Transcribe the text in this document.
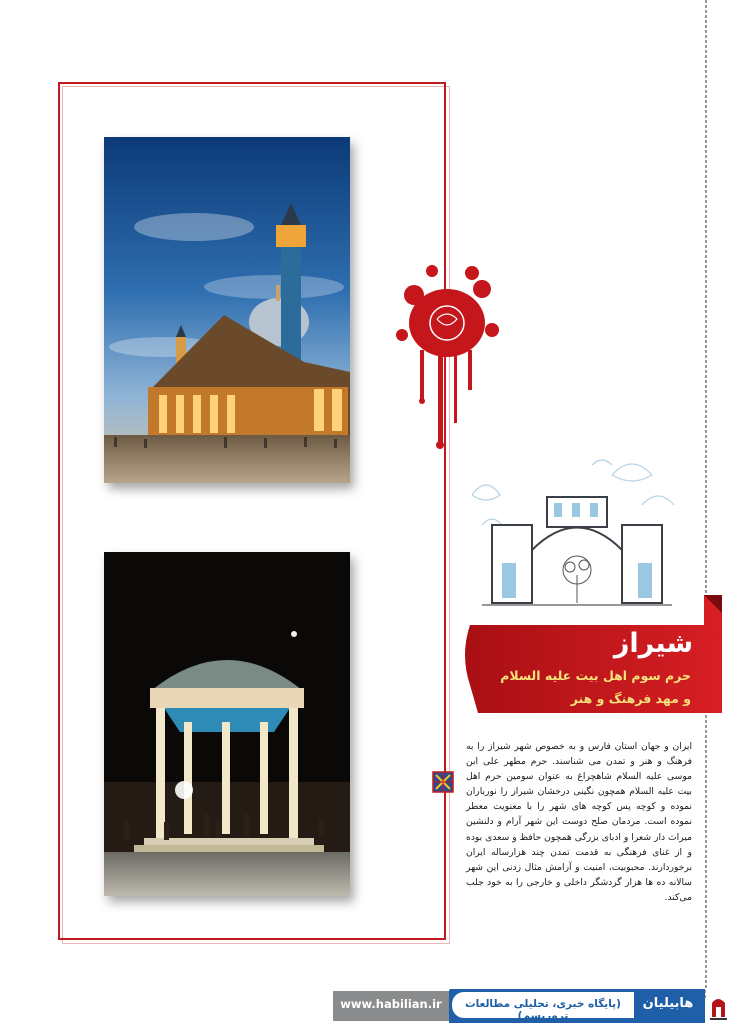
شیراز
حرم سوم اهل بیت علیه السلام
و مهد فرهنگ و هنر
ایران و جهان استان فارس و به خصوص شهر شیراز را به فرهنگ و هنر و تمدن می شناسند. حرم مطهر علی ابن موسی علیه السلام شاهچراغ به عنوان سومین حرم اهل بیت علیه السلام همچون نگینی درخشان شیراز را نورباران نموده و کوچه پس کوچه های شهر را با معنویت معطر نموده است. مردمان صلح دوست این شهر آرام و دلنشین میراث دار شعرا و ادبای بزرگی همچون حافظ و سعدی بوده و از غنای فرهنگی به قدمت تمدن چند هزارساله ایران برخوردارند. محبوبیت، امنیت و آرامش مثال زدنی این شهر سالانه ده ها هزار گردشگر داخلی و خارجی را به خود جلب می‌کند.
www.habilian.ir	(پایگاه خبری، تحلیلی مطالعات تروریسم)
هابیلیان
